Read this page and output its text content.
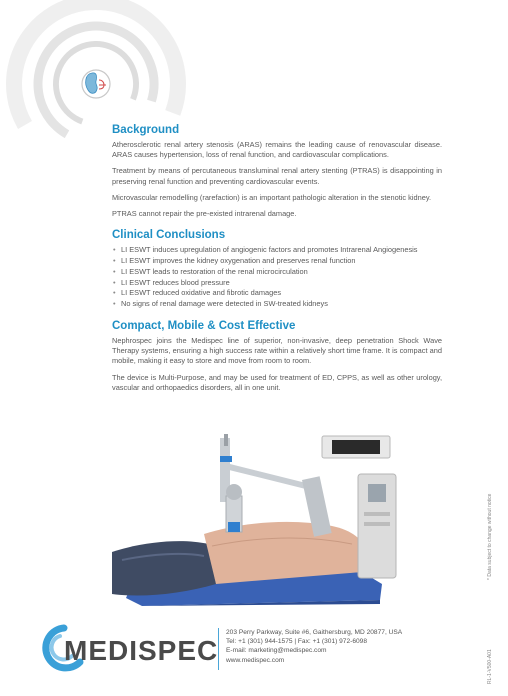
Background

Atherosclerotic renal artery stenosis (ARAS) remains the leading cause of renovascular disease. ARAS causes hypertension, loss of renal function, and cardiovascular complications.

Treatment by means of percutaneous transluminal renal artery stenting (PTRAS) is disappointing in preserving renal function and preventing cardiovascular events.

Microvascular remodelling (rarefaction) is an important pathologic alteration in the stenotic kidney.

PTRAS cannot repair the pre-existed intrarenal damage.

Clinical Conclusions
• LI ESWT induces upregulation of angiogenic factors and promotes Intrarenal Angiogenesis
• LI ESWT improves the kidney oxygenation and preserves renal function
• LI ESWT leads to restoration of the renal microcirculation
• LI ESWT reduces blood pressure
• LI ESWT reduced oxidative and fibrotic damages
• No signs of renal damage were detected in SW-treated kidneys
Compact, Mobile & Cost Effective

Nephrospec joins the Medispec line of superior, non-invasive, deep penetration Shock Wave Therapy systems, ensuring a high success rate within a relatively short time frame. It is compact and mobile, making it easy to store and move from room to room.

The device is Multi-Purpose, and may be used for treatment of ED, CPPS, as well as other urology, vascular and orthopaedics disorders, all in one unit.

MEDISPEC
203 Perry Parkway, Suite #6, Gaithersburg, MD 20877, USA
Tel: +1 (301) 944-1575 | Fax: +1 (301) 972-6098
E-mail: marketing@medispec.com
www.medispec.com
* Data subject to change without notice
RL-1-V500-A01
